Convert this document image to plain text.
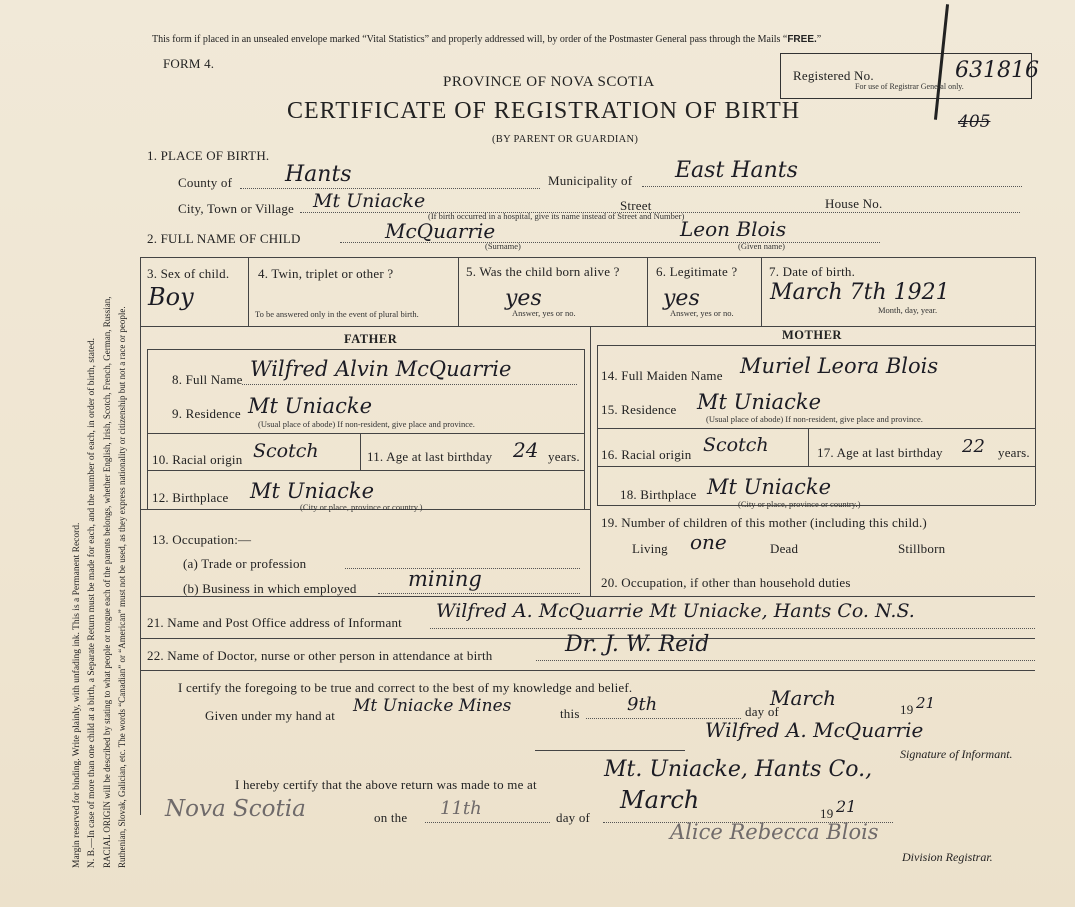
Margin reserved for binding. Write plainly, with unfading ink. This is a Permanent Record. N. B.—In case of more than one child at a birth, a Separate Return must be made for each, and the number of each, in order of birth, stated. RACIAL ORIGIN will be described by stating to what people or tongue each of the parents belongs, whether English, Irish, Scotch, French, German, Russian, Ruthenian, Slovak, Galician, etc. The words “Canadian” or “American” must not be used, as they express nationality or citizenship but not a race or people.
This form if placed in an unsealed envelope marked “Vital Statistics” and properly addressed will, by order of the Postmaster General pass through the Mails “FREE.”
FORM 4.
PROVINCE OF NOVA SCOTIA
CERTIFICATE OF REGISTRATION OF BIRTH
(BY PARENT OR GUARDIAN)
Registered No.	631816
For use of Registrar General only.
405
1. PLACE OF BIRTH.
County of Hants	Municipality of East Hants
City, Town or Village Mt Uniacke	Street	House No.
(If birth occurred in a hospital, give its name instead of Street and Number)
2. FULL NAME OF CHILD	McQuarrie
(Surname)
Leon Blois
(Given name)
3. Sex of child.
Boy
4. Twin, triplet or other ?
To be answered only in the event of plural birth.
5. Was the child born alive ?
yes
Answer, yes or no.
6. Legitimate ?
yes
Answer, yes or no.
7. Date of birth.
March 7th 1921
Month, day, year.
FATHER	MOTHER
8. Full Name Wilfred Alvin McQuarrie
9. Residence Mt Uniacke
(Usual place of abode) If non-resident, give place and province.
10. Racial origin Scotch	11. Age at last birthday 24 years.
12. Birthplace Mt Uniacke
(City or place, province or country.)
13. Occupation:—
(a) Trade or profession
(b) Business in which employed mining
14. Full Maiden Name Muriel Leora Blois
15. Residence Mt Uniacke
(Usual place of abode) If non-resident, give place and province.
16. Racial origin Scotch	17. Age at last birthday 22 years.
18. Birthplace Mt Uniacke
(City or place, province or country.)
19. Number of children of this mother (including this child.)
Living one	Dead	Stillborn
20. Occupation, if other than household duties
21. Name and Post Office address of Informant
Wilfred A. McQuarrie Mt Uniacke, Hants Co. N.S.
22. Name of Doctor, nurse or other person in attendance at birth	Dr. J. W. Reid
I certify the foregoing to be true and correct to the best of my knowledge and belief.
Given under my hand at Mt Uniacke Mines	this	9th	day of
March	19 21
Wilfred A. McQuarrie
Signature of Informant.
I hereby certify that the above return was made to me at
Mt. Uniacke, Hants Co.,
Nova Scotia	on the 11th	day of
March	19 21
Alice Rebecca Blois
Division Registrar.
